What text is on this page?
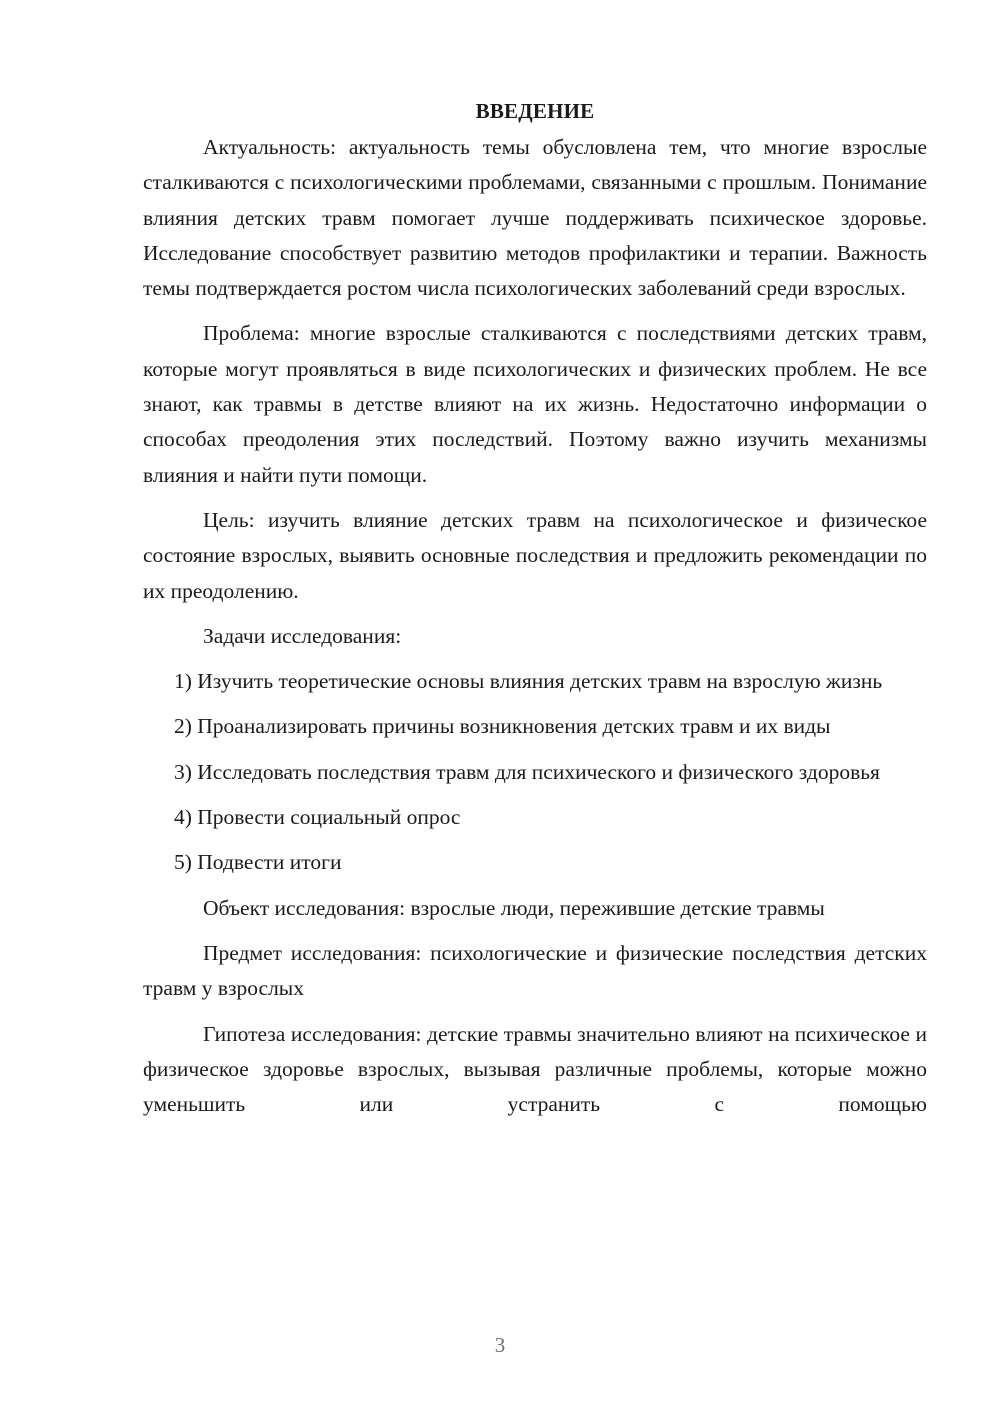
ВВЕДЕНИЕ

Актуальность: актуальность темы обусловлена тем, что многие взрослые сталкиваются с психологическими проблемами, связанными с прошлым. Понимание влияния детских травм помогает лучше поддерживать психическое здоровье. Исследование способствует развитию методов профилактики и терапии. Важность темы подтверждается ростом числа психологических заболеваний среди взрослых.

Проблема: многие взрослые сталкиваются с последствиями детских травм, которые могут проявляться в виде психологических и физических проблем. Не все знают, как травмы в детстве влияют на их жизнь. Недостаточно информации о способах преодоления этих последствий. Поэтому важно изучить механизмы влияния и найти пути помощи.

Цель: изучить влияние детских травм на психологическое и физическое состояние взрослых, выявить основные последствия и предложить рекомендации по их преодолению.

Задачи исследования:

1) Изучить теоретические основы влияния детских травм на взрослую жизнь

2) Проанализировать причины возникновения детских травм и их виды

3) Исследовать последствия травм для психического и физического здоровья

4) Провести социальный опрос

5) Подвести итоги

Объект исследования: взрослые люди, пережившие детские травмы

Предмет исследования: психологические и физические последствия детских травм у взрослых

Гипотеза исследования: детские травмы значительно влияют на психическое и физическое здоровье взрослых, вызывая различные проблемы, которые можно уменьшить или устранить с помощью

3
